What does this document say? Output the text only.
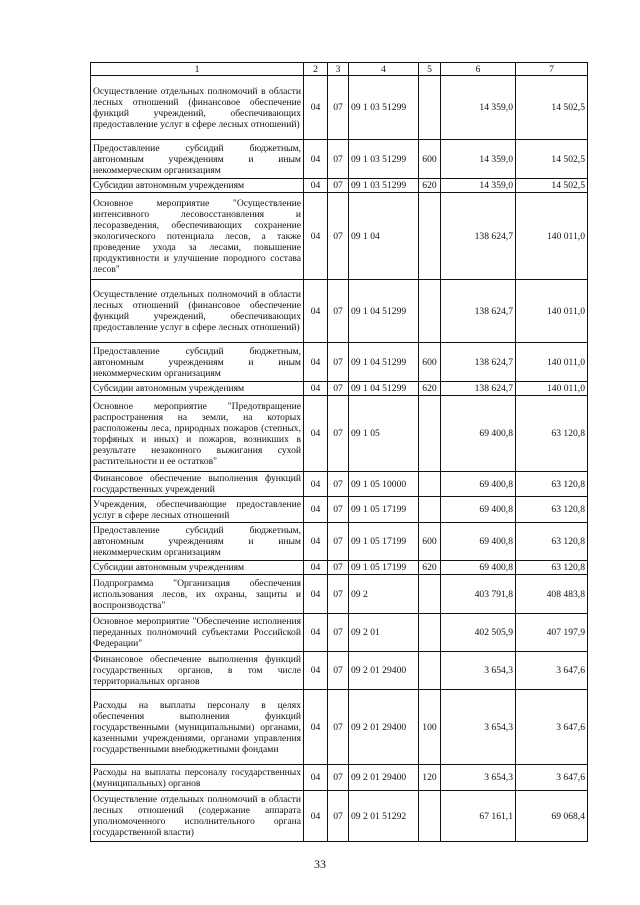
1	2	3	4	5	6	7
Осуществление отдельных полномочий в области лесных отношений (финансовое обеспечение функций учреждений, обеспечивающих предоставление услуг в сфере лесных отношений)	04	07	09 1 03 51299		14 359,0	14 502,5
Предоставление субсидий бюджетным, автономным учреждениям и иным некоммерческим организациям	04	07	09 1 03 51299	600	14 359,0	14 502,5
Субсидии автономным учреждениям	04	07	09 1 03 51299	620	14 359,0	14 502,5
Основное мероприятие "Осуществление интенсивного лесовосстановления и лесоразведения, обеспечивающих сохранение экологического потенциала лесов, а также проведение ухода за лесами, повышение продуктивности и улучшение породного состава лесов"	04	07	09 1 04		138 624,7	140 011,0
Осуществление отдельных полномочий в области лесных отношений (финансовое обеспечение функций учреждений, обеспечивающих предоставление услуг в сфере лесных отношений)	04	07	09 1 04 51299		138 624,7	140 011,0
Предоставление субсидий бюджетным, автономным учреждениям и иным некоммерческим организациям	04	07	09 1 04 51299	600	138 624,7	140 011,0
Субсидии автономным учреждениям	04	07	09 1 04 51299	620	138 624,7	140 011,0
Основное мероприятие "Предотвращение распространения на земли, на которых расположены леса, природных пожаров (степных, торфяных и иных) и пожаров, возникших в результате незаконного выжигания сухой растительности и ее остатков"	04	07	09 1 05		69 400,8	63 120,8
Финансовое обеспечение выполнения функций государственных учреждений	04	07	09 1 05 10000		69 400,8	63 120,8
Учреждения, обеспечивающие предоставление услуг в сфере лесных отношений	04	07	09 1 05 17199		69 400,8	63 120,8
Предоставление субсидий бюджетным, автономным учреждениям и иным некоммерческим организациям	04	07	09 1 05 17199	600	69 400,8	63 120,8
Субсидии автономным учреждениям	04	07	09 1 05 17199	620	69 400,8	63 120,8
Подпрограмма "Организация обеспечения использования лесов, их охраны, защиты и воспроизводства"	04	07	09 2		403 791,8	408 483,8
Основное мероприятие "Обеспечение исполнения переданных полномочий субъектами Российской Федерации"	04	07	09 2 01		402 505,9	407 197,9
Финансовое обеспечение выполнения функций государственных органов, в том числе территориальных органов	04	07	09 2 01 29400		3 654,3	3 647,6
Расходы на выплаты персоналу в целях обеспечения выполнения функций государственными (муниципальными) органами, казенными учреждениями, органами управления государственными внебюджетными фондами	04	07	09 2 01 29400	100	3 654,3	3 647,6
Расходы на выплаты персоналу государственных (муниципальных) органов	04	07	09 2 01 29400	120	3 654,3	3 647,6
Осуществление отдельных полномочий в области лесных отношений (содержание аппарата уполномоченного исполнительного органа государственной власти)	04	07	09 2 01 51292		67 161,1	69 068,4
33
